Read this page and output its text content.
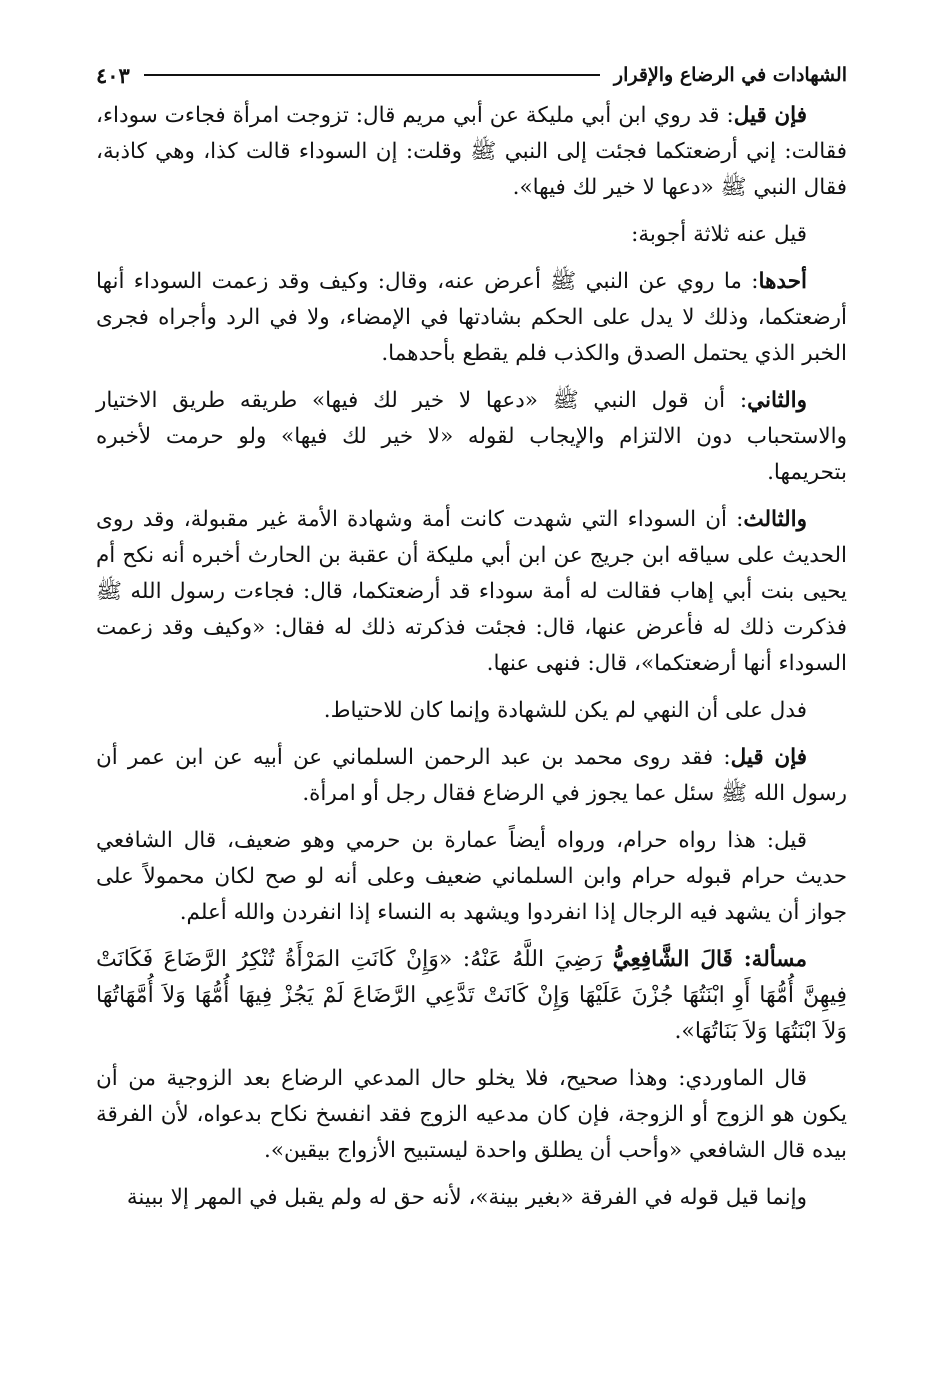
الشهادات في الرضاع والإقرار
٤٠٣

فإن قيل: قد روي ابن أبي مليكة عن أبي مريم قال: تزوجت امرأة فجاءت سوداء، فقالت: إني أرضعتكما فجئت إلى النبي ﷺ وقلت: إن السوداء قالت كذا، وهي كاذبة، فقال النبي ﷺ «دعها لا خير لك فيها».

قيل عنه ثلاثة أجوبة:

أحدها: ما روي عن النبي ﷺ أعرض عنه، وقال: وكيف وقد زعمت السوداء أنها أرضعتكما، وذلك لا يدل على الحكم بشادتها في الإمضاء، ولا في الرد وأجراه فجرى الخبر الذي يحتمل الصدق والكذب فلم يقطع بأحدهما.

والثاني: أن قول النبي ﷺ «دعها لا خير لك فيها» طريقه طريق الاختيار والاستحباب دون الالتزام والإيجاب لقوله «لا خير لك فيها» ولو حرمت لأخبره بتحريمها.

والثالث: أن السوداء التي شهدت كانت أمة وشهادة الأمة غير مقبولة، وقد روى الحديث على سياقه ابن جريج عن ابن أبي مليكة أن عقبة بن الحارث أخبره أنه نكح أم يحيى بنت أبي إهاب فقالت له أمة سوداء قد أرضعتكما، قال: فجاءت رسول الله ﷺ فذكرت ذلك له فأعرض عنها، قال: فجئت فذكرته ذلك له فقال: «وكيف وقد زعمت السوداء أنها أرضعتكما»، قال: فنهى عنها.

فدل على أن النهي لم يكن للشهادة وإنما كان للاحتياط.

فإن قيل: فقد روى محمد بن عبد الرحمن السلماني عن أبيه عن ابن عمر أن رسول الله ﷺ سئل عما يجوز في الرضاع فقال رجل أو امرأة.

قيل: هذا رواه حرام، ورواه أيضاً عمارة بن حرمي وهو ضعيف، قال الشافعي حديث حرام قبوله حرام وابن السلماني ضعيف وعلى أنه لو صح لكان محمولاً على جواز أن يشهد فيه الرجال إذا انفردوا ويشهد به النساء إذا انفردن والله أعلم.

مسألة: قَالَ الشَّافِعِيُّ رَضِيَ اللَّهُ عَنْهُ: «وَإِنْ كَانَتِ المَرْأَةُ تُنْكِرُ الرَّضَاعَ فَكَانَتْ فِيهِنَّ أُمُّهَا أَوِ ابْنَتُهَا جُزْنَ عَلَيْهَا وَإِنْ كَانَتْ تَدَّعِي الرَّضَاعَ لَمْ يَجُزْ فِيهَا أُمُّهَا وَلاَ أُمَّهَاتُهَا وَلاَ ابْنَتُهَا وَلاَ بَنَاتُهَا».

قال الماوردي: وهذا صحيح، فلا يخلو حال المدعي الرضاع بعد الزوجية من أن يكون هو الزوج أو الزوجة، فإن كان مدعيه الزوج فقد انفسخ نكاح بدعواه، لأن الفرقة بيده قال الشافعي «وأحب أن يطلق واحدة ليستبيح الأزواج بيقين».

وإنما قيل قوله في الفرقة «بغير بينة»، لأنه حق له ولم يقبل في المهر إلا ببينة
